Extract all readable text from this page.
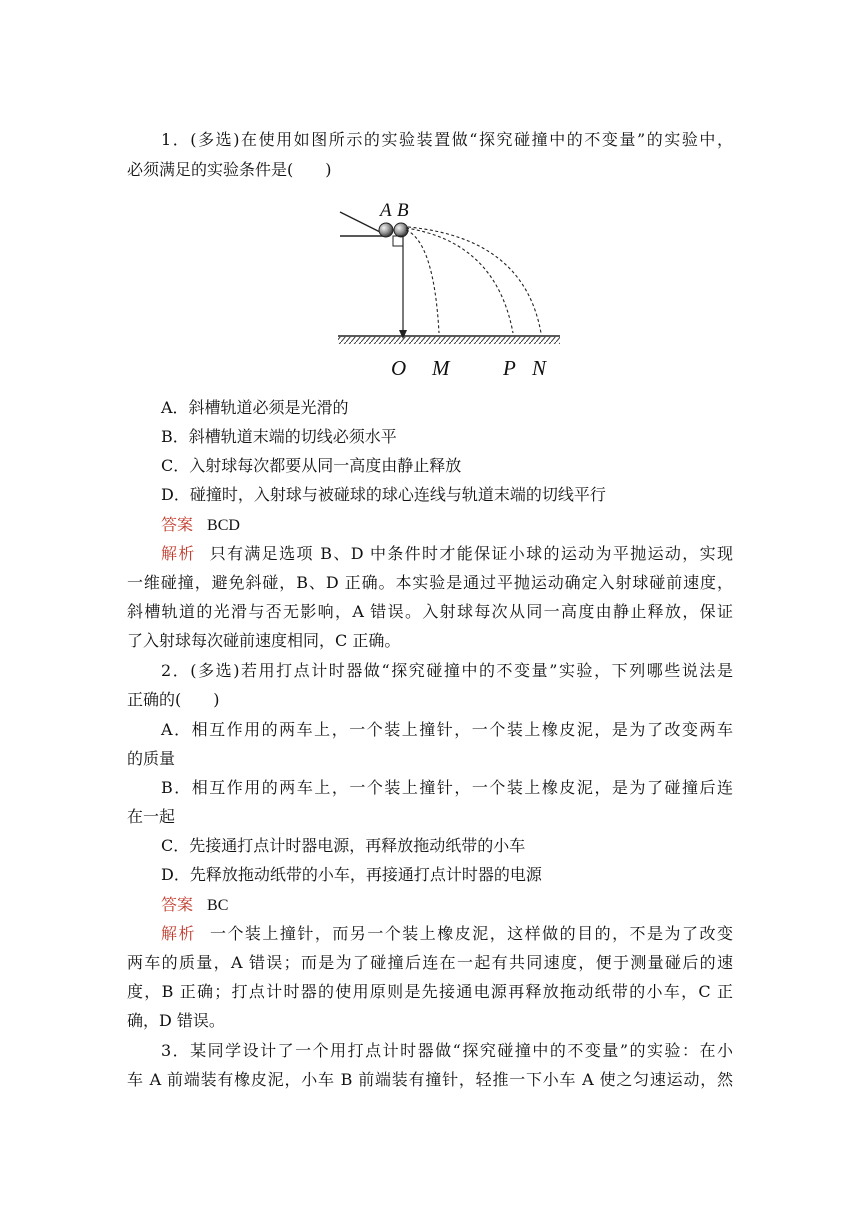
1．(多选)在使用如图所示的实验装置做“探究碰撞中的不变量”的实验中，
必须满足的实验条件是(　　)
A B
O M	P N
A．斜槽轨道必须是光滑的
B．斜槽轨道末端的切线必须水平
C．入射球每次都要从同一高度由静止释放
D．碰撞时，入射球与被碰球的球心连线与轨道末端的切线平行
答案 BCD
解析 只有满足选项 B、D 中条件时才能保证小球的运动为平抛运动，实现
一维碰撞，避免斜碰，B、D 正确。本实验是通过平抛运动确定入射球碰前速度，
斜槽轨道的光滑与否无影响，A 错误。入射球每次从同一高度由静止释放，保证
了入射球每次碰前速度相同，C 正确。
2．(多选)若用打点计时器做“探究碰撞中的不变量”实验，下列哪些说法是
正确的(　　)
A．相互作用的两车上，一个装上撞针，一个装上橡皮泥，是为了改变两车
的质量
B．相互作用的两车上，一个装上撞针，一个装上橡皮泥，是为了碰撞后连
在一起
C．先接通打点计时器电源，再释放拖动纸带的小车
D．先释放拖动纸带的小车，再接通打点计时器的电源
答案 BC
解析 一个装上撞针，而另一个装上橡皮泥，这样做的目的，不是为了改变
两车的质量，A 错误；而是为了碰撞后连在一起有共同速度，便于测量碰后的速
度，B 正确；打点计时器的使用原则是先接通电源再释放拖动纸带的小车，C 正
确，D 错误。
3．某同学设计了一个用打点计时器做“探究碰撞中的不变量”的实验：在小
车 A 前端装有橡皮泥，小车 B 前端装有撞针，轻推一下小车 A 使之匀速运动，然
